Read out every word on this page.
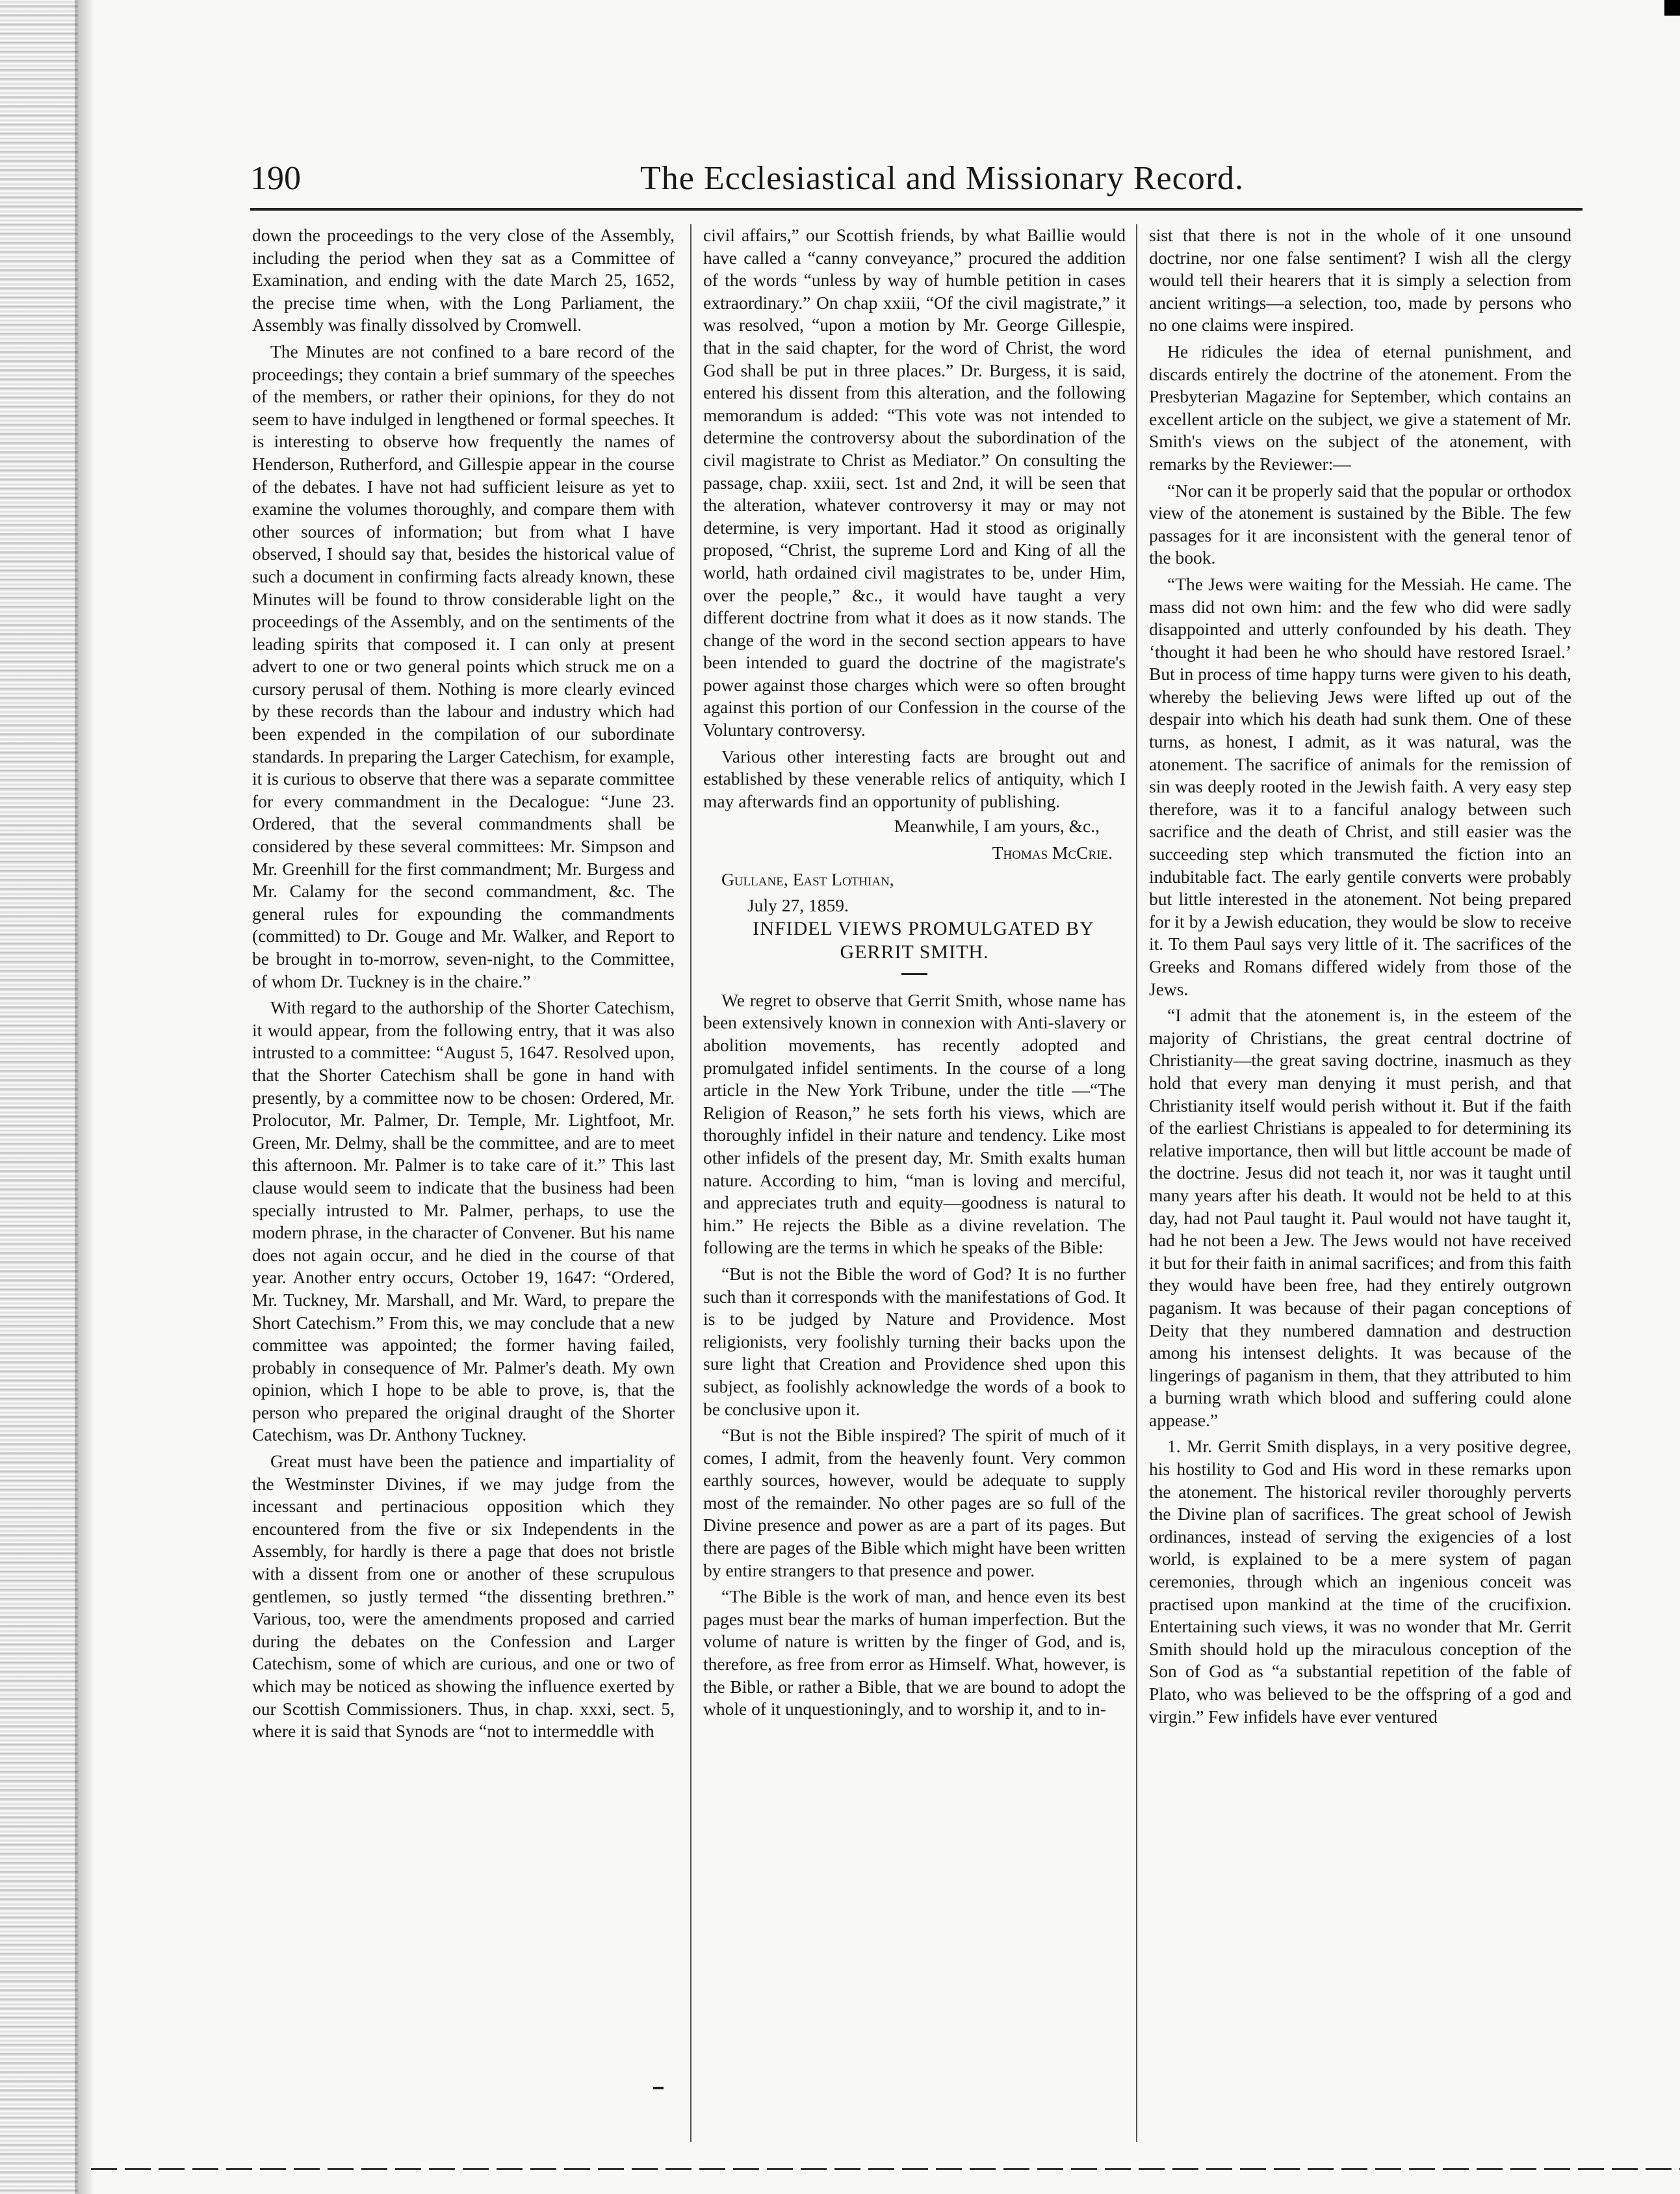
190	The Ecclesiastical and Missionary Record.

down the proceedings to the very close of the Assembly, including the period when they sat as a Committee of Examination, and ending with the date March 25, 1652, the precise time when, with the Long Parliament, the Assembly was finally dissolved by Cromwell.

The Minutes are not confined to a bare record of the proceedings; they contain a brief summary of the speeches of the members, or rather their opinions, for they do not seem to have indulged in lengthened or formal speeches. It is interesting to observe how frequently the names of Henderson, Rutherford, and Gillespie appear in the course of the debates. I have not had sufficient leisure as yet to examine the volumes thoroughly, and compare them with other sources of information; but from what I have observed, I should say that, besides the historical value of such a document in confirming facts already known, these Minutes will be found to throw considerable light on the proceedings of the Assembly, and on the sentiments of the leading spirits that composed it. I can only at present advert to one or two general points which struck me on a cursory perusal of them. Nothing is more clearly evinced by these records than the labour and industry which had been expended in the compilation of our subordinate standards. In preparing the Larger Catechism, for example, it is curious to observe that there was a separate committee for every commandment in the Decalogue: “June 23. Ordered, that the several commandments shall be considered by these several committees: Mr. Simpson and Mr. Greenhill for the first commandment; Mr. Burgess and Mr. Calamy for the second commandment, &c. The general rules for expounding the commandments (committed) to Dr. Gouge and Mr. Walker, and Report to be brought in to-morrow, seven-night, to the Committee, of whom Dr. Tuckney is in the chaire.”

With regard to the authorship of the Shorter Catechism, it would appear, from the following entry, that it was also intrusted to a committee: “August 5, 1647. Resolved upon, that the Shorter Catechism shall be gone in hand with presently, by a committee now to be chosen: Ordered, Mr. Prolocutor, Mr. Palmer, Dr. Temple, Mr. Lightfoot, Mr. Green, Mr. Delmy, shall be the committee, and are to meet this afternoon. Mr. Palmer is to take care of it.” This last clause would seem to indicate that the business had been specially intrusted to Mr. Palmer, perhaps, to use the modern phrase, in the character of Convener. But his name does not again occur, and he died in the course of that year. Another entry occurs, October 19, 1647: “Ordered, Mr. Tuckney, Mr. Marshall, and Mr. Ward, to prepare the Short Catechism.” From this, we may conclude that a new committee was appointed; the former having failed, probably in consequence of Mr. Palmer's death. My own opinion, which I hope to be able to prove, is, that the person who prepared the original draught of the Shorter Catechism, was Dr. Anthony Tuckney.

Great must have been the patience and impartiality of the Westminster Divines, if we may judge from the incessant and pertinacious opposition which they encountered from the five or six Independents in the Assembly, for hardly is there a page that does not bristle with a dissent from one or another of these scrupulous gentlemen, so justly termed “the dissenting brethren.” Various, too, were the amendments proposed and carried during the debates on the Confession and Larger Catechism, some of which are curious, and one or two of which may be noticed as showing the influence exerted by our Scottish Commissioners. Thus, in chap. xxxi, sect. 5, where it is said that Synods are “not to intermeddle with

civil affairs,” our Scottish friends, by what Baillie would have called a “canny conveyance,” procured the addition of the words “unless by way of humble petition in cases extraordinary.” On chap xxiii, “Of the civil magistrate,” it was resolved, “upon a motion by Mr. George Gillespie, that in the said chapter, for the word of Christ, the word God shall be put in three places.” Dr. Burgess, it is said, entered his dissent from this alteration, and the following memorandum is added: “This vote was not intended to determine the controversy about the subordination of the civil magistrate to Christ as Mediator.” On consulting the passage, chap. xxiii, sect. 1st and 2nd, it will be seen that the alteration, whatever controversy it may or may not determine, is very important. Had it stood as originally proposed, “Christ, the supreme Lord and King of all the world, hath ordained civil magistrates to be, under Him, over the people,” &c., it would have taught a very different doctrine from what it does as it now stands. The change of the word in the second section appears to have been intended to guard the doctrine of the magistrate's power against those charges which were so often brought against this portion of our Confession in the course of the Voluntary controversy.

Various other interesting facts are brought out and established by these venerable relics of antiquity, which I may afterwards find an opportunity of publishing.

Meanwhile, I am yours, &c.,

Thomas McCrie.

Gullane, East Lothian,

July 27, 1859.

INFIDEL VIEWS PROMULGATED BY GERRIT SMITH.

We regret to observe that Gerrit Smith, whose name has been extensively known in connexion with Anti-slavery or abolition movements, has recently adopted and promulgated infidel sentiments. In the course of a long article in the New York Tribune, under the title —“The Religion of Reason,” he sets forth his views, which are thoroughly infidel in their nature and tendency. Like most other infidels of the present day, Mr. Smith exalts human nature. According to him, “man is loving and merciful, and appreciates truth and equity—goodness is natural to him.” He rejects the Bible as a divine revelation. The following are the terms in which he speaks of the Bible:

“But is not the Bible the word of God? It is no further such than it corresponds with the manifestations of God. It is to be judged by Nature and Providence. Most religionists, very foolishly turning their backs upon the sure light that Creation and Providence shed upon this subject, as foolishly acknowledge the words of a book to be conclusive upon it.

“But is not the Bible inspired? The spirit of much of it comes, I admit, from the heavenly fount. Very common earthly sources, however, would be adequate to supply most of the remainder. No other pages are so full of the Divine presence and power as are a part of its pages. But there are pages of the Bible which might have been written by entire strangers to that presence and power.

“The Bible is the work of man, and hence even its best pages must bear the marks of human imperfection. But the volume of nature is written by the finger of God, and is, therefore, as free from error as Himself. What, however, is the Bible, or rather a Bible, that we are bound to adopt the whole of it unquestioningly, and to worship it, and to in-

sist that there is not in the whole of it one unsound doctrine, nor one false sentiment? I wish all the clergy would tell their hearers that it is simply a selection from ancient writings—a selection, too, made by persons who no one claims were inspired.

He ridicules the idea of eternal punishment, and discards entirely the doctrine of the atonement. From the Presbyterian Magazine for September, which contains an excellent article on the subject, we give a statement of Mr. Smith's views on the subject of the atonement, with remarks by the Reviewer:—

“Nor can it be properly said that the popular or orthodox view of the atonement is sustained by the Bible. The few passages for it are inconsistent with the general tenor of the book.

“The Jews were waiting for the Messiah. He came. The mass did not own him: and the few who did were sadly disappointed and utterly confounded by his death. They ‘thought it had been he who should have restored Israel.’ But in process of time happy turns were given to his death, whereby the believing Jews were lifted up out of the despair into which his death had sunk them. One of these turns, as honest, I admit, as it was natural, was the atonement. The sacrifice of animals for the remission of sin was deeply rooted in the Jewish faith. A very easy step therefore, was it to a fanciful analogy between such sacrifice and the death of Christ, and still easier was the succeeding step which transmuted the fiction into an indubitable fact. The early gentile converts were probably but little interested in the atonement. Not being prepared for it by a Jewish education, they would be slow to receive it. To them Paul says very little of it. The sacrifices of the Greeks and Romans differed widely from those of the Jews.

“I admit that the atonement is, in the esteem of the majority of Christians, the great central doctrine of Christianity—the great saving doctrine, inasmuch as they hold that every man denying it must perish, and that Christianity itself would perish without it. But if the faith of the earliest Christians is appealed to for determining its relative importance, then will but little account be made of the doctrine. Jesus did not teach it, nor was it taught until many years after his death. It would not be held to at this day, had not Paul taught it. Paul would not have taught it, had he not been a Jew. The Jews would not have received it but for their faith in animal sacrifices; and from this faith they would have been free, had they entirely outgrown paganism. It was because of their pagan conceptions of Deity that they numbered damnation and destruction among his intensest delights. It was because of the lingerings of paganism in them, that they attributed to him a burning wrath which blood and suffering could alone appease.”

1. Mr. Gerrit Smith displays, in a very positive degree, his hostility to God and His word in these remarks upon the atonement. The historical reviler thoroughly perverts the Divine plan of sacrifices. The great school of Jewish ordinances, instead of serving the exigencies of a lost world, is explained to be a mere system of pagan ceremonies, through which an ingenious conceit was practised upon mankind at the time of the crucifixion. Entertaining such views, it was no wonder that Mr. Gerrit Smith should hold up the miraculous conception of the Son of God as “a substantial repetition of the fable of Plato, who was believed to be the offspring of a god and virgin.” Few infidels have ever ventured
